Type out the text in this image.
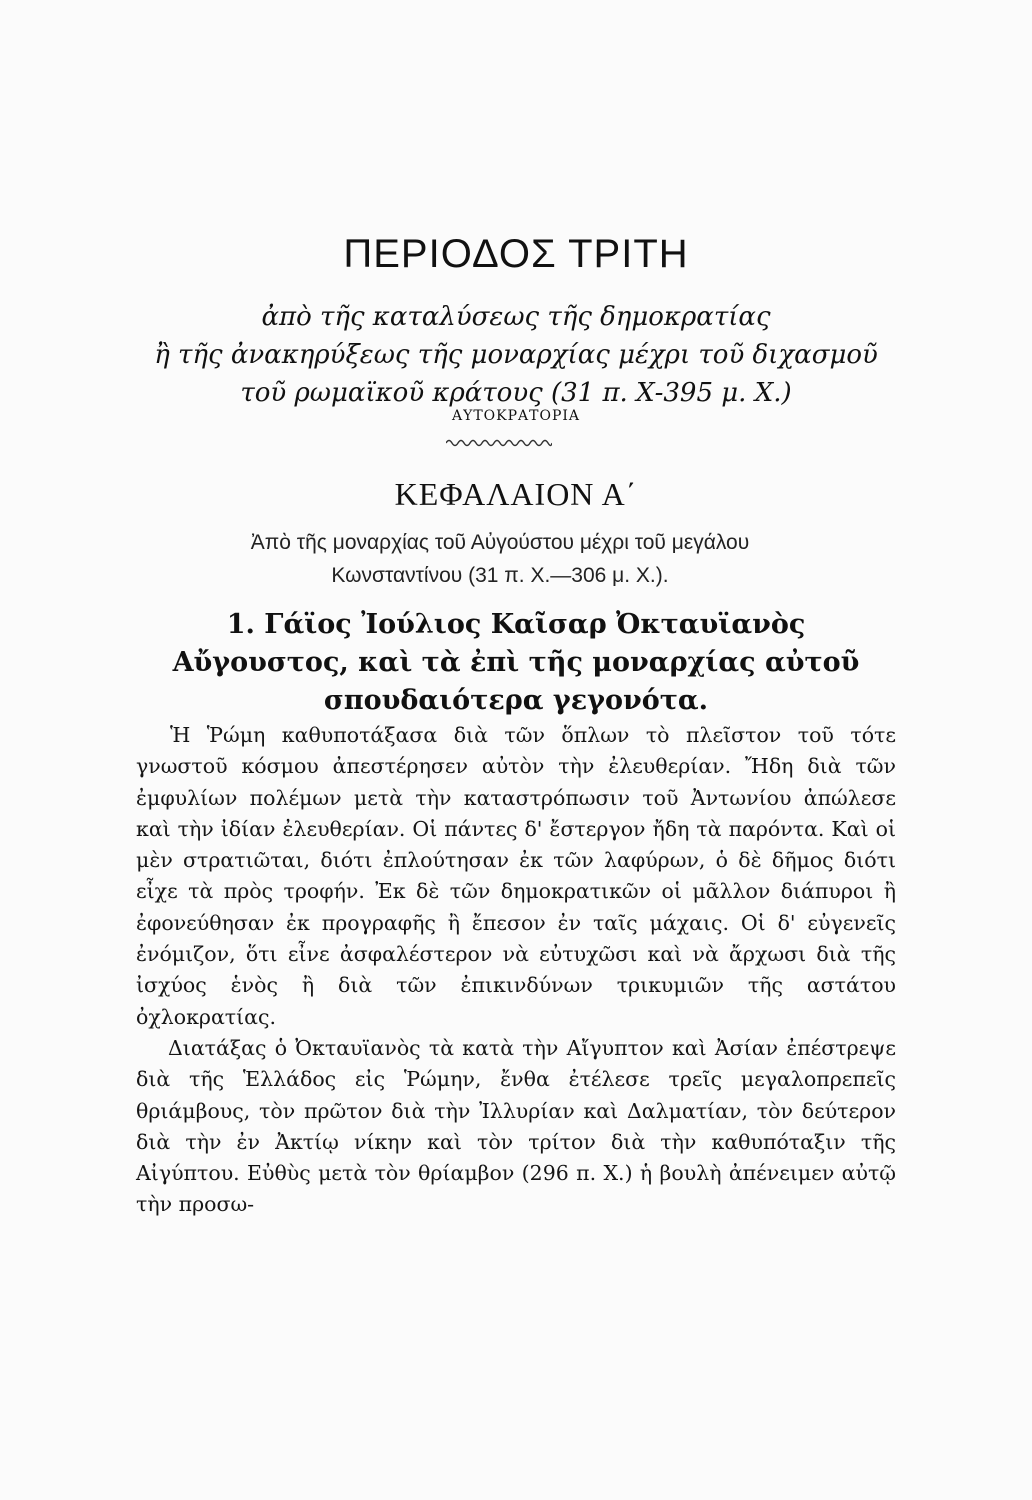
ΠΕΡΙΟΔΟΣ ΤΡΙΤΗ
ἀπὸ τῆς καταλύσεως τῆς δημοκρατίας
ἢ τῆς ἀνακηρύξεως τῆς μοναρχίας μέχρι τοῦ διχασμοῦ
τοῦ ρωμαϊκοῦ κράτους (31 π. Χ-395 μ. Χ.)
ΑΥΤΟΚΡΑΤΟΡΙΑ
ΚΕΦΑΛΑΙΟΝ Α΄
Ἀπὸ τῆς μοναρχίας τοῦ Αὐγούστου μέχρι τοῦ μεγάλου
Κωνσταντίνου (31 π. Χ.—306 μ. Χ.).
1. Γάϊος Ἰούλιος Καῖσαρ Ὀκταυϊανὸς
Αὔγουστος, καὶ τὰ ἐπὶ τῆς μοναρχίας αὐτοῦ
σπουδαιότερα γεγονότα.

Ἡ Ῥώμη καθυποτάξασα διὰ τῶν ὅπλων τὸ πλεῖστον τοῦ τότε γνωστοῦ κόσμου ἀπεστέρησεν αὐτὸν τὴν ἐλευθερίαν. Ἤδη διὰ τῶν ἐμφυλίων πολέμων μετὰ τὴν καταστρόπωσιν τοῦ Ἀντωνίου ἀπώλεσε καὶ τὴν ἰδίαν ἐλευθερίαν. Οἱ πάντες δ' ἔστεργον ἤδη τὰ παρόντα. Καὶ οἱ μὲν στρατιῶται, διότι ἐπλούτησαν ἐκ τῶν λαφύρων, ὁ δὲ δῆμος διότι εἶχε τὰ πρὸς τροφήν. Ἐκ δὲ τῶν δημοκρατικῶν οἱ μᾶλλον διάπυροι ἢ ἐφονεύθησαν ἐκ προγραφῆς ἢ ἔπεσον ἐν ταῖς μάχαις. Οἱ δ' εὐγενεῖς ἐνόμιζον, ὅτι εἶνε ἀσφαλέστερον νὰ εὐτυχῶσι καὶ νὰ ἄρχωσι διὰ τῆς ἰσχύος ἑνὸς ἢ διὰ τῶν ἐπικινδύνων τρικυμιῶν τῆς αστάτου ὀχλοκρατίας.

Διατάξας ὁ Ὀκταυϊανὸς τὰ κατὰ τὴν Αἴγυπτον καὶ Ἀσίαν ἐπέστρεψε διὰ τῆς Ἑλλάδος εἰς Ῥώμην, ἔνθα ἐτέλεσε τρεῖς μεγαλοπρεπεῖς θριάμβους, τὸν πρῶτον διὰ τὴν Ἰλλυρίαν καὶ Δαλματίαν, τὸν δεύτερον διὰ τὴν ἐν Ἀκτίῳ νίκην καὶ τὸν τρίτον διὰ τὴν καθυπόταξιν τῆς Αἰγύπτου. Εὐθὺς μετὰ τὸν θρίαμβον (296 π. Χ.) ἡ βουλὴ ἀπένειμεν αὐτῷ τὴν προσω-
